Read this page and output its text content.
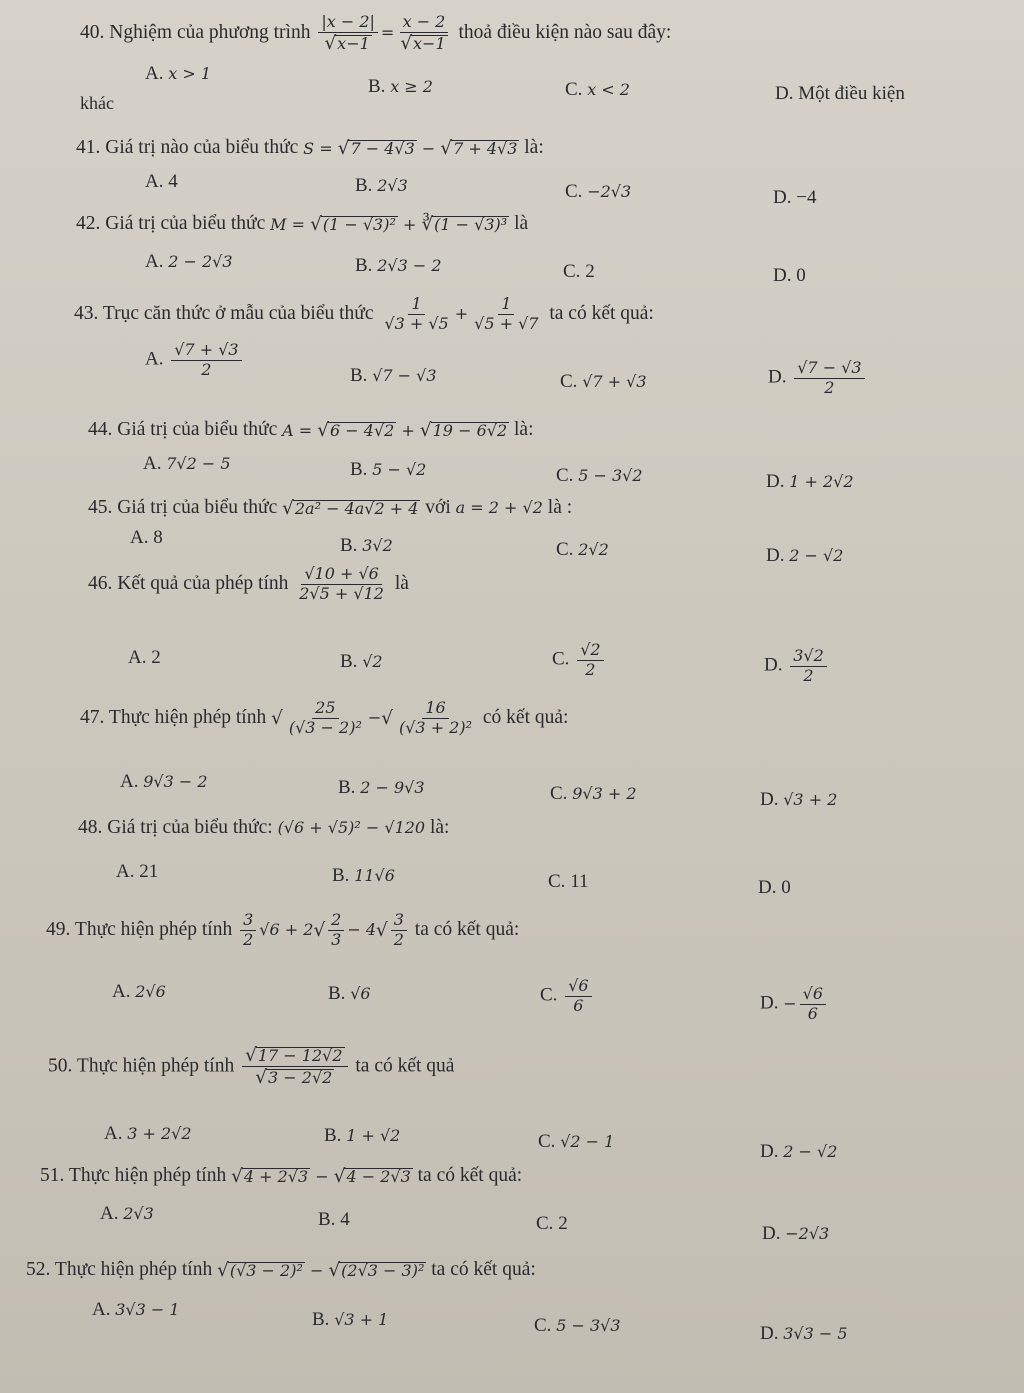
40. Nghiệm của phương trình $\frac{|x - 2|}{√x-1} = \frac{x - 2}{√x-1}$ thoả điều kiện nào sau đây:
A. x > 1
B. x ≥ 2	C. x < 2	D. Một điều kiện
khác
41. Giá trị nào của biểu thức S = √7 − 4√3 − √7 + 4√3 là:
A. 4	B. 2√3	C. −2√3	D. −4
42. Giá trị của biểu thức M = √(1 − √3)² + ∛(1 − √3)³ là
A. 2 − 2√3	B. 2√3 − 2	C. 2	D. 0
43. Trục căn thức ở mẫu của biểu thức $\frac{1}{√3 + √5} + \frac{1}{√5 + √7}$ ta có kết quả:
A. $\frac{√7 + √3}{2}$	B. √7 − √3	C. √7 + √3	D. $\frac{√7 - √3}{2}$
44. Giá trị của biểu thức A = √6 − 4√2 + √19 − 6√2 là:
A. 7√2 − 5	B. 5 − √2	C. 5 − 3√2	D. 1 + 2√2
45. Giá trị của biểu thức √2a² − 4a√2 + 4 với a = 2 + √2 là :
A. 8	B. 3√2	C. 2√2	D. 2 − √2
46. Kết quả của phép tính $\frac{√10 + √6}{2√5 + √12}$ là
A. 2	B. √2	C. $\frac{√2}{2}$	D. $\frac{3√2}{2}$
47. Thực hiện phép tính √ $\frac{25}{\text{(√3 − 2)²}}$ −√ $\frac{16}{\text{(√3 + 2)²}}$ có kết quả:
A. 9√3 − 2	B. 2 − 9√3	C. 9√3 + 2	D. √3 + 2
48. Giá trị của biểu thức: (√6 + √5)² − √120 là:
A. 21	B. 11√6	C. 11	D. 0
49. Thực hiện phép tính $\frac{3}{2} √6 + 2√ \frac{2}{3} - 4√ \frac{3}{2}$ ta có kết quả:
A. 2√6	B. √6	C. $\frac{√6}{6}$	D. − $\frac{√6}{6}$
50. Thực hiện phép tính $\frac{√17 - 12√2}{√3 - 2√2}$ ta có kết quả
A. 3 + 2√2	B. 1 + √2	C. √2 − 1	D. 2 − √2
51. Thực hiện phép tính √4 + 2√3 − √4 − 2√3 ta có kết quả:
A. 2√3	B. 4	C. 2	D. −2√3
52. Thực hiện phép tính √(√3 − 2)² − √(2√3 − 3)² ta có kết quả:
A. 3√3 − 1	B. √3 + 1	C. 5 − 3√3	D. 3√3 − 5
